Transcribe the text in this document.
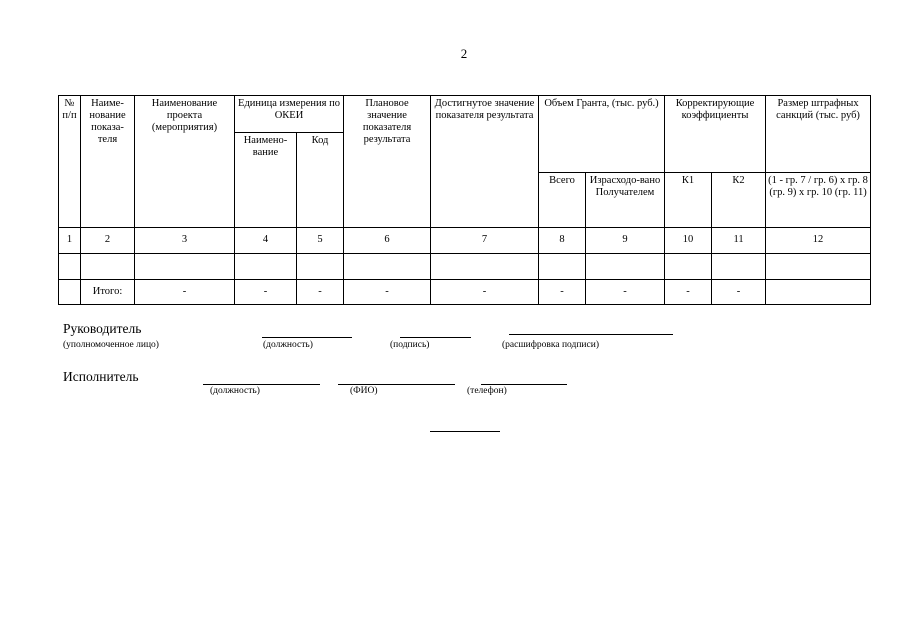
2
№ п/п	Наиме-нование показа-теля	Наименование проекта (мероприятия)	Единица измерения по ОКЕИ		Плановое значение показателя результата	Достигнутое значение показателя результата	Объем Гранта, (тыс. руб.)		Корректирующие коэффициенты		Размер штрафных санкций (тыс. руб)
			Наимено-вание	Код							
							Всего	Израсходо-вано Получателем	К1	К2	(1 - гр. 7 / гр. 6) х гр. 8 (гр. 9) х гр. 10 (гр. 11)
1	2	3	4	5	6	7	8	9	10	11	12

	Итого:	-	-	-	-	-	-	-	-	-	
Руководитель
(уполномоченное лицо)	(должность)	(подпись)	(расшифровка подписи)
Исполнитель
(должность)	(ФИО)	(телефон)
